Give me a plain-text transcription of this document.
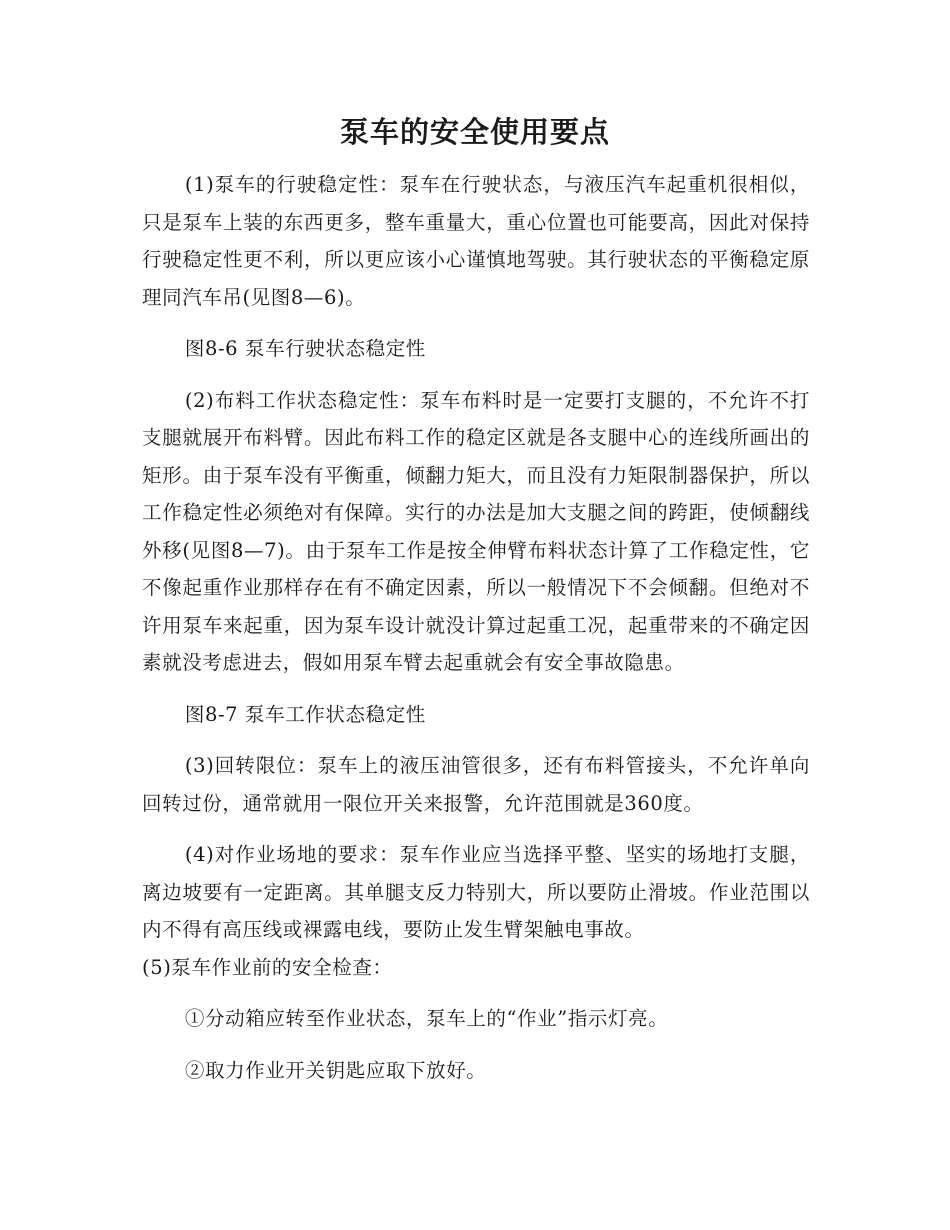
泵车的安全使用要点

(1)泵车的行驶稳定性：泵车在行驶状态，与液压汽车起重机很相似，只是泵车上装的东西更多，整车重量大，重心位置也可能要高，因此对保持行驶稳定性更不利，所以更应该小心谨慎地驾驶。其行驶状态的平衡稳定原理同汽车吊(见图8—6)。

图8-6 泵车行驶状态稳定性

(2)布料工作状态稳定性：泵车布料时是一定要打支腿的，不允许不打支腿就展开布料臂。因此布料工作的稳定区就是各支腿中心的连线所画出的矩形。由于泵车没有平衡重，倾翻力矩大，而且没有力矩限制器保护，所以工作稳定性必须绝对有保障。实行的办法是加大支腿之间的跨距，使倾翻线外移(见图8—7)。由于泵车工作是按全伸臂布料状态计算了工作稳定性，它不像起重作业那样存在有不确定因素，所以一般情况下不会倾翻。但绝对不许用泵车来起重，因为泵车设计就没计算过起重工况，起重带来的不确定因素就没考虑进去，假如用泵车臂去起重就会有安全事故隐患。

图8-7 泵车工作状态稳定性

(3)回转限位：泵车上的液压油管很多，还有布料管接头，不允许单向回转过份，通常就用一限位开关来报警，允许范围就是360度。

(4)对作业场地的要求：泵车作业应当选择平整、坚实的场地打支腿，离边坡要有一定距离。其单腿支反力特别大，所以要防止滑坡。作业范围以内不得有高压线或裸露电线，要防止发生臂架触电事故。

(5)泵车作业前的安全检查：

①分动箱应转至作业状态，泵车上的“作业”指示灯亮。

②取力作业开关钥匙应取下放好。
